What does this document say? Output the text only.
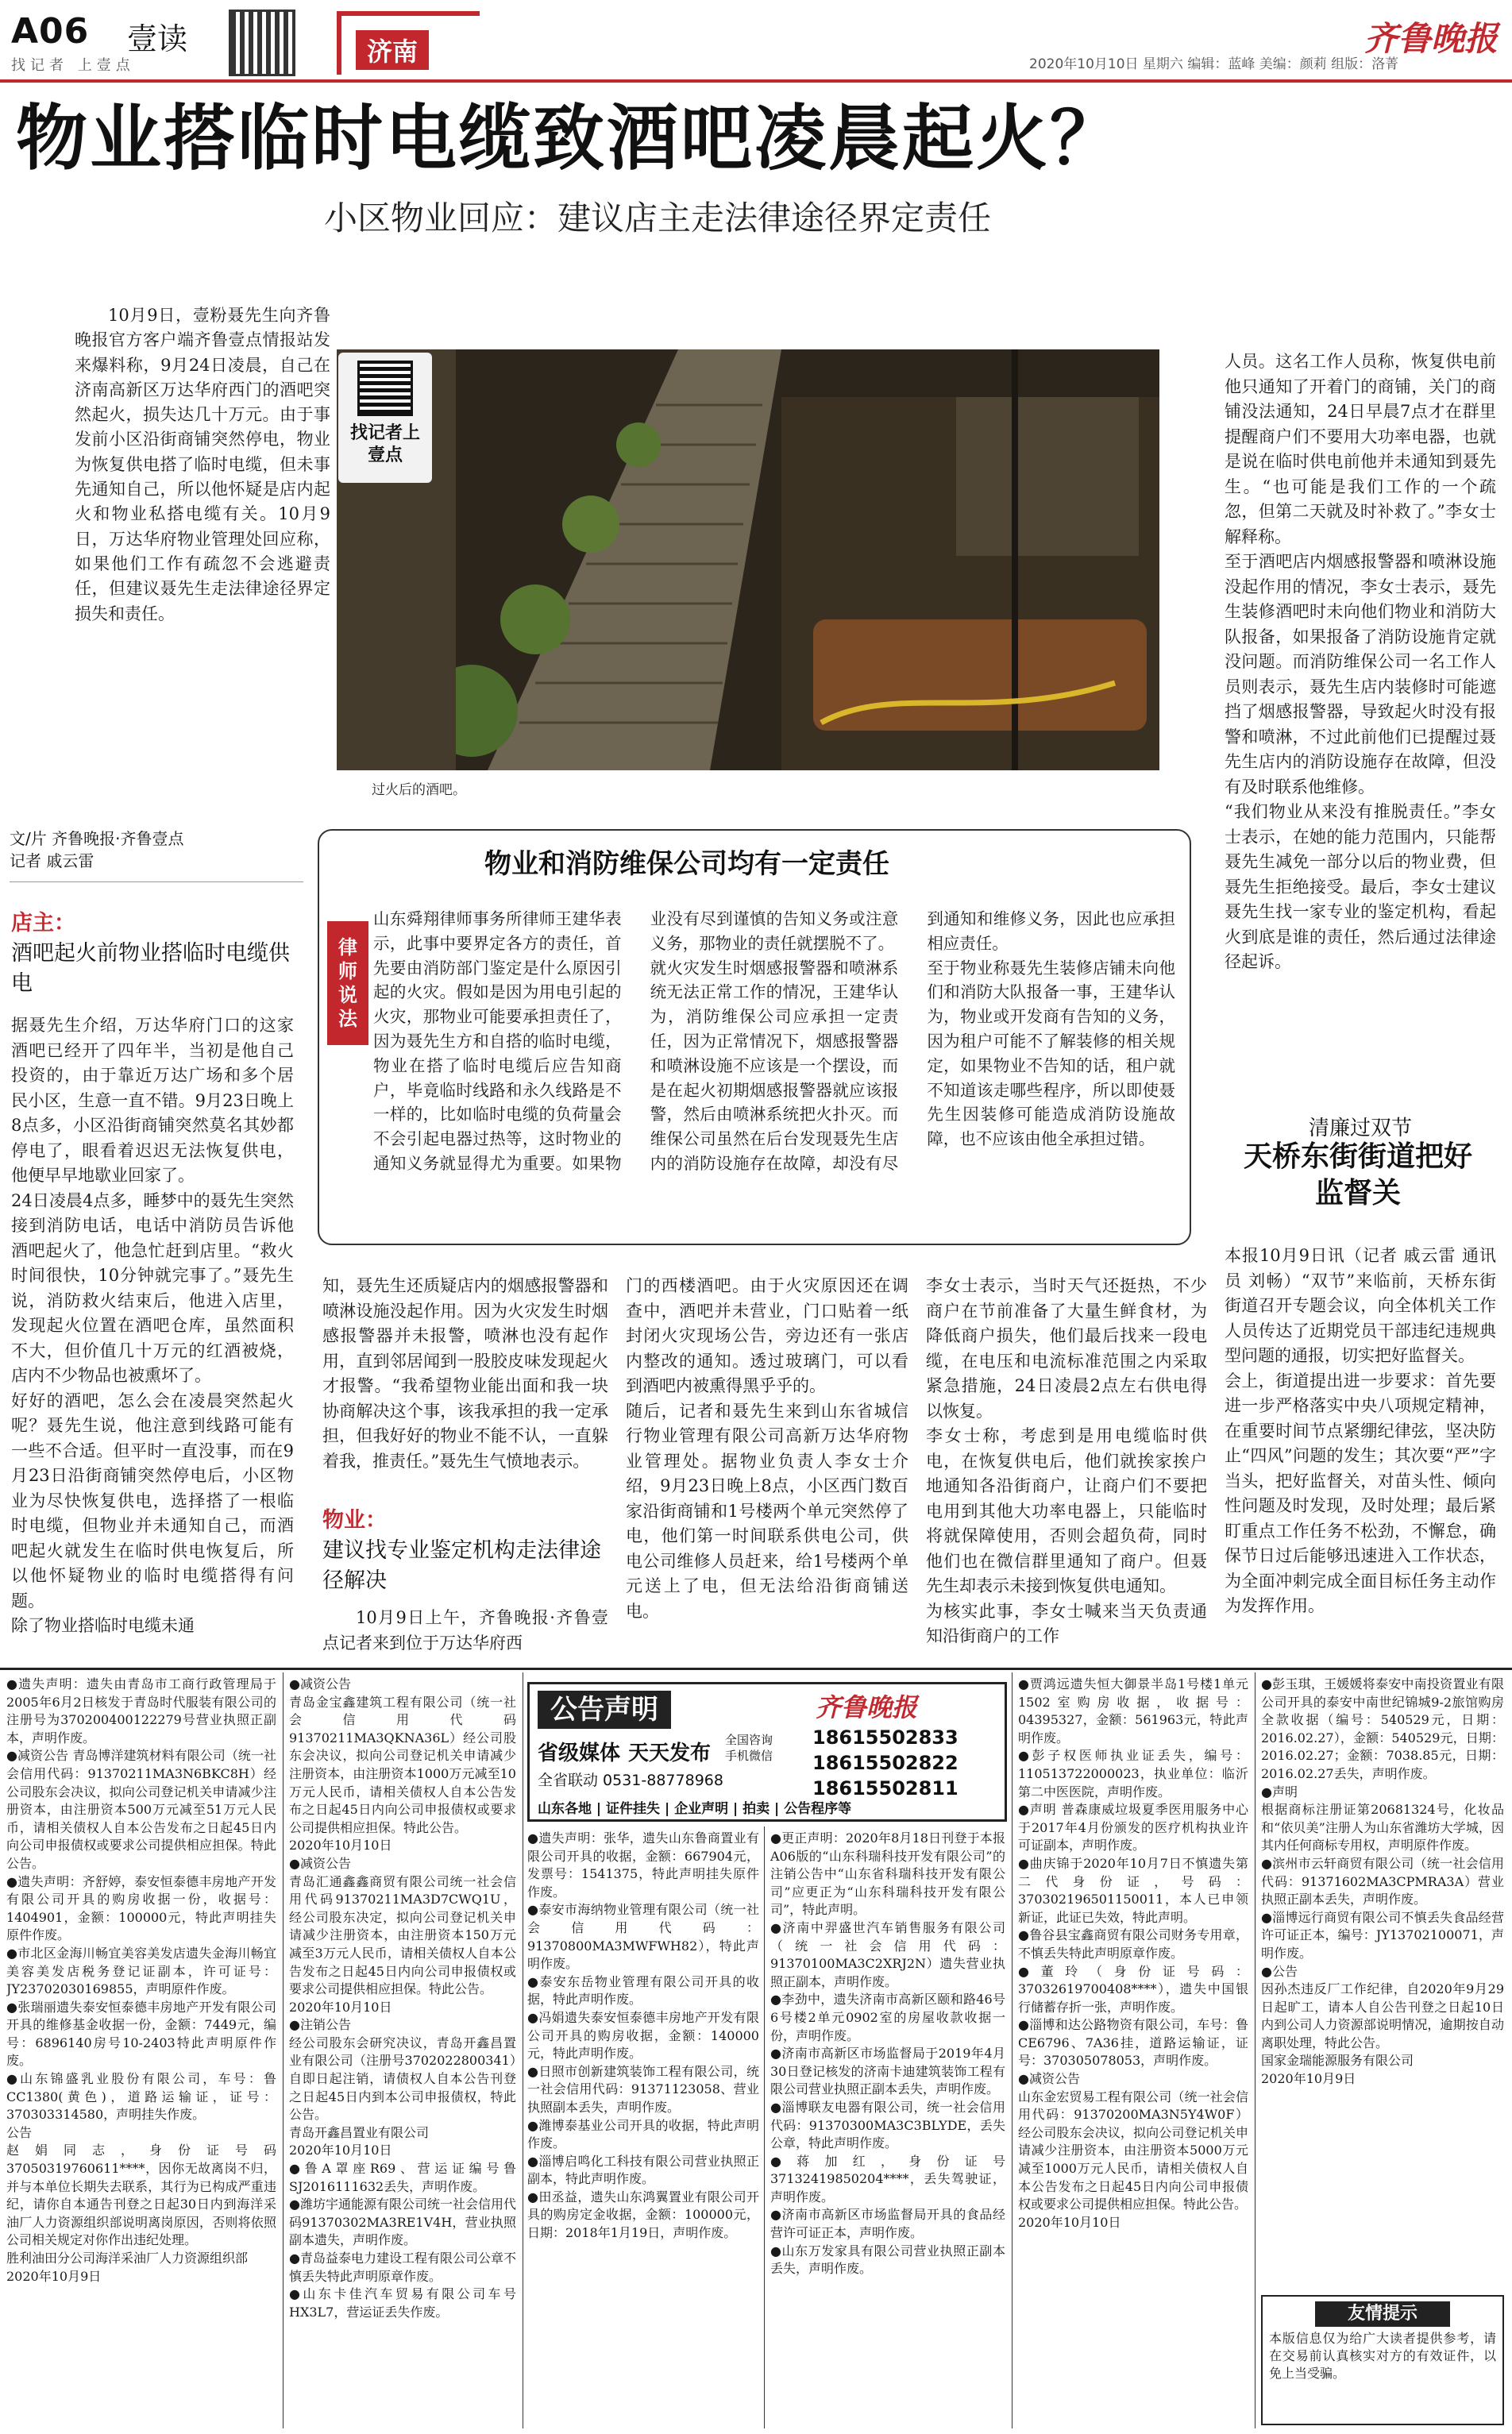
A06 壹读
找记者 上壹点	济南	齐鲁晚报
2020年10月10日 星期六 编辑：蓝峰 美编：颜莉 组版：洛菁
物业搭临时电缆致酒吧凌晨起火？
小区物业回应：建议店主走法律途径界定责任
10月9日，壹粉聂先生向齐鲁晚报官方客户端齐鲁壹点情报站发来爆料称，9月24日凌晨，自己在济南高新区万达华府西门的酒吧突然起火，损失达几十万元。由于事发前小区沿街商铺突然停电，物业为恢复供电搭了临时电缆，但未事先通知自己，所以他怀疑是店内起火和物业私搭电缆有关。10月9日，万达华府物业管理处回应称，如果他们工作有疏忽不会逃避责任，但建议聂先生走法律途径界定损失和责任。
找记者上壹点
过火后的酒吧。
人员。这名工作人员称，恢复供电前他只通知了开着门的商铺，关门的商铺没法通知，24日早晨7点才在群里提醒商户们不要用大功率电器，也就是说在临时供电前他并未通知到聂先生。“也可能是我们工作的一个疏忽，但第二天就及时补救了。”李女士解释称。
至于酒吧店内烟感报警器和喷淋设施没起作用的情况，李女士表示，聂先生装修酒吧时未向他们物业和消防大队报备，如果报备了消防设施肯定就没问题。而消防维保公司一名工作人员则表示，聂先生店内装修时可能遮挡了烟感报警器，导致起火时没有报警和喷淋，不过此前他们已提醒过聂先生店内的消防设施存在故障，但没有及时联系他维修。
“我们物业从来没有推脱责任。”李女士表示，在她的能力范围内，只能帮聂先生减免一部分以后的物业费，但聂先生拒绝接受。最后，李女士建议聂先生找一家专业的鉴定机构，看起火到底是谁的责任，然后通过法律途径起诉。
文/片 齐鲁晚报·齐鲁壹点
记者 戚云雷
店主：
酒吧起火前物业搭临时电缆供电
据聂先生介绍，万达华府门口的这家酒吧已经开了四年半，当初是他自己投资的，由于靠近万达广场和多个居民小区，生意一直不错。9月23日晚上8点多，小区沿街商铺突然莫名其妙都停电了，眼看着迟迟无法恢复供电，他便早早地歇业回家了。
24日凌晨4点多，睡梦中的聂先生突然接到消防电话，电话中消防员告诉他酒吧起火了，他急忙赶到店里。“救火时间很快，10分钟就完事了。”聂先生说，消防救火结束后，他进入店里，发现起火位置在酒吧仓库，虽然面积不大，但价值几十万元的红酒被烧，店内不少物品也被熏坏了。
好好的酒吧，怎么会在凌晨突然起火呢？聂先生说，他注意到线路可能有一些不合适。但平时一直没事，而在9月23日沿街商铺突然停电后，小区物业为尽快恢复供电，选择搭了一根临时电缆，但物业并未通知自己，而酒吧起火就发生在临时供电恢复后，所以他怀疑物业的临时电缆搭得有问题。
除了物业搭临时电缆未通
律师说法
物业和消防维保公司均有一定责任
山东舜翔律师事务所律师王建华表示，此事中要界定各方的责任，首先要由消防部门鉴定是什么原因引起的火灾。假如是因为用电引起的火灾，那物业可能要承担责任了，因为聂先生方和自搭的临时电缆，物业在搭了临时电缆后应告知商户，毕竟临时线路和永久线路是不一样的，比如临时电缆的负荷量会不会引起电器过热等，这时物业的通知义务就显得尤为重要。如果物业没有尽到谨慎的告知义务或注意义务，那物业的责任就摆脱不了。
就火灾发生时烟感报警器和喷淋系统无法正常工作的情况，王建华认为，消防维保公司应承担一定责任，因为正常情况下，烟感报警器和喷淋设施不应该是一个摆设，而是在起火初期烟感报警器就应该报警，然后由喷淋系统把火扑灭。而维保公司虽然在后台发现聂先生店内的消防设施存在故障，却没有尽到通知和维修义务，因此也应承担相应责任。
至于物业称聂先生装修店铺未向他们和消防大队报备一事，王建华认为，物业或开发商有告知的义务，因为租户可能不了解装修的相关规定，如果物业不告知的话，租户就不知道该走哪些程序，所以即使聂先生因装修可能造成消防设施故障，也不应该由他全承担过错。	清廉过双节
天桥东街街道把好监督关
本报10月9日讯（记者 戚云雷 通讯员 刘畅）“双节”来临前，天桥东街街道召开专题会议，向全体机关工作人员传达了近期党员干部违纪违规典型问题的通报，切实把好监督关。
会上，街道提出进一步要求：首先要进一步严格落实中央八项规定精神，在重要时间节点紧绷纪律弦，坚决防止“四风”问题的发生；其次要“严”字当头，把好监督关，对苗头性、倾向性问题及时发现，及时处理；最后紧盯重点工作任务不松劲，不懈怠，确保节日过后能够迅速进入工作状态，为全面冲刺完成全面目标任务主动作为发挥作用。
知，聂先生还质疑店内的烟感报警器和喷淋设施没起作用。因为火灾发生时烟感报警器并未报警，喷淋也没有起作用，直到邻居闻到一股胶皮味发现起火才报警。“我希望物业能出面和我一块协商解决这个事，该我承担的我一定承担，但我好好的物业不能不认，一直躲着我，推责任。”聂先生气愤地表示。
物业：
建议找专业鉴定机构走法律途径解决
10月9日上午，齐鲁晚报·齐鲁壹点记者来到位于万达华府西
门的西楼酒吧。由于火灾原因还在调查中，酒吧并未营业，门口贴着一纸封闭火灾现场公告，旁边还有一张店内整改的通知。透过玻璃门，可以看到酒吧内被熏得黑乎乎的。
随后，记者和聂先生来到山东省城信行物业管理有限公司高新万达华府物业管理处。据物业负责人李女士介绍，9月23日晚上8点，小区西门数百家沿街商铺和1号楼两个单元突然停了电，他们第一时间联系供电公司，供电公司维修人员赶来，给1号楼两个单元送上了电，但无法给沿街商铺送电。
李女士表示，当时天气还挺热，不少商户在节前准备了大量生鲜食材，为降低商户损失，他们最后找来一段电缆，在电压和电流标准范围之内采取紧急措施，24日凌晨2点左右供电得以恢复。
李女士称，考虑到是用电缆临时供电，在恢复供电后，他们就挨家挨户地通知各沿街商户，让商户们不要把电用到其他大功率电器上，只能临时将就保障使用，否则会超负荷，同时他们也在微信群里通知了商户。但聂先生却表示未接到恢复供电通知。
为核实此事，李女士喊来当天负责通知沿街商户的工作
●遗失声明：遗失由青岛市工商行政管理局于2005年6月2日核发于青岛时代服装有限公司的注册号为370200400122279号营业执照正副本，声明作废。
●减资公告 青岛博洋建筑材料有限公司（统一社会信用代码：91370211MA3N6BKC8H）经公司股东会决议，拟向公司登记机关申请减少注册资本，由注册资本500万元减至51万元人民币，请相关债权人自本公告发布之日起45日内向公司申报债权或要求公司提供相应担保。特此公告。
●遗失声明：齐舒婷，泰安恒泰德丰房地产开发有限公司开具的购房收据一份，收据号：1404901，金额：100000元，特此声明挂失原件作废。
●市北区金海川畅宜美容美发店遗失金海川畅宜美容美发店税务登记证副本，许可证号：JY23702030169855，声明原件作废。
●张瑞丽遗失泰安恒泰德丰房地产开发有限公司开具的维修基金收据一份，金额：7449元，编号：6896140房号10-2403特此声明原件作废。
●山东锦盛乳业股份有限公司，车号：鲁CC1380(黄色)，道路运输证，证号：370303314580，声明挂失作废。
公告
赵娟同志，身份证号码37050319760611****，因你无故离岗不归，并与本单位长期失去联系，其行为已构成严重违纪，请你自本通告刊登之日起30日内到海洋采油厂人力资源组织部说明离岗原因，否则将依照公司相关规定对你作出违纪处理。
胜利油田分公司海洋采油厂人力资源组织部
2020年10月9日
●减资公告
青岛金宝鑫建筑工程有限公司（统一社会信用代码91370211MA3QKNA36L）经公司股东会决议，拟向公司登记机关申请减少注册资本，由注册资本1000万元减至10万元人民币，请相关债权人自本公告发布之日起45日内向公司申报债权或要求公司提供相应担保。特此公告。
2020年10月10日
●减资公告
青岛汇通鑫鑫商贸有限公司统一社会信用代码91370211MA3D7CWQ1U，经公司股东决定，拟向公司登记机关申请减少注册资本，由注册资本150万元减至3万元人民币，请相关债权人自本公告发布之日起45日内向公司申报债权或要求公司提供相应担保。特此公告。
2020年10月10日
●注销公告
经公司股东会研究决议，青岛开鑫昌置业有限公司（注册号3702022800341）自即日起注销，请债权人自本公告刊登之日起45日内到本公司申报债权，特此公告。
青岛开鑫昌置业有限公司
2020年10月10日
●鲁A罩座R69、营运证编号鲁SJ2016111632丢失，声明作废。
●潍坊宇通能源有限公司统一社会信用代码91370302MA3RE1V4H，营业执照副本遗失，声明作废。
●青岛益泰电力建设工程有限公司公章不慎丢失特此声明原章作废。
●山东卡佳汽车贸易有限公司车号HX3L7，营运证丢失作废。
公告声明	齐鲁晚报
省级媒体 天天发布
全国咨询 手机微信
18615502833
18615502822
18615502811
全省联动 0531-88778968
山东各地 | 证件挂失 | 企业声明 | 拍卖 | 公告程序等
●遗失声明：张华，遗失山东鲁商置业有限公司开具的收据，金额：667904元，发票号：1541375，特此声明挂失原件作废。
●泰安市海纳物业管理有限公司（统一社会信用代码：91370800MA3MWFWH82），特此声明作废。
●泰安东岳物业管理有限公司开具的收据，特此声明作废。
●冯娟遗失泰安恒泰德丰房地产开发有限公司开具的购房收据，金额：140000元，特此声明作废。
●日照市创新建筑装饰工程有限公司，统一社会信用代码：91371123058、营业执照副本丢失，声明作废。
●潍博泰基业公司开具的收据，特此声明作废。
●淄博启鸣化工科技有限公司营业执照正副本，特此声明作废。
●田丞益，遗失山东鸿翼置业有限公司开具的购房定金收据，金额：100000元，日期：2018年1月19日，声明作废。
●更正声明：2020年8月18日刊登于本报A06版的“山东科瑞科技开发有限公司”的注销公告中“山东省科瑞科技开发有限公司”应更正为“山东科瑞科技开发有限公司”，特此声明。
●济南中羿盛世汽车销售服务有限公司（统一社会信用代码：91370100MA3C2XRJ2N）遗失营业执照正副本，声明作废。
●李劲中，遗失济南市高新区颐和路46号6号楼2单元0902室的房屋收款收据一份，声明作废。
●济南市高新区市场监督局于2019年4月30日登记核发的济南卡迪建筑装饰工程有限公司营业执照正副本丢失，声明作废。
●淄博联友电器有限公司，统一社会信用代码：91370300MA3C3BLYDE，丢失公章，特此声明作废。
●蒋加红，身份证号37132419850204****，丢失驾驶证，声明作废。
●济南市高新区市场监督局开具的食品经营许可证正本，声明作废。
●山东万发家具有限公司营业执照正副本丢失，声明作废。
●贾鸿远遗失恒大御景半岛1号楼1单元1502室购房收据，收据号：04395327，金额：561963元，特此声明作废。
●彭子权医师执业证丢失，编号：110513722000023，执业单位：临沂第二中医医院，声明作废。
●声明 普森康威垃圾夏季医用服务中心于2017年4月份颁发的医疗机构执业许可证副本，声明作废。
●曲庆锦于2020年10月7日不慎遗失第二代身份证，号码：370302196501150011，本人已申领新证，此证已失效，特此声明。
●鲁谷县宝鑫商贸有限公司财务专用章，不慎丢失特此声明原章作废。
●董玲（身份证号码：37032619700408****），遗失中国银行储蓄存折一张，声明作废。
●淄博和达公路物资有限公司，车号：鲁CE6796、7A36挂，道路运输证，证号：370305078053，声明作废。
●减资公告
山东金宏贸易工程有限公司（统一社会信用代码：91370200MA3N5Y4W0F）经公司股东会决议，拟向公司登记机关申请减少注册资本，由注册资本5000万元减至1000万元人民币，请相关债权人自本公告发布之日起45日内向公司申报债权或要求公司提供相应担保。特此公告。
2020年10月10日
●彭玉琪，王媛媛将泰安中南投资置业有限公司开具的泰安中南世纪锦城9-2旅馆购房全款收据（编号：540529元，日期：2016.02.27），金额：540529元，日期：2016.02.27；金额：7038.85元，日期：2016.02.27丢失，声明作废。
●声明
根据商标注册证第20681324号，化妆品和“依贝美”注册人为山东省潍坊大学城，因其内任何商标专用权，声明原件作废。
●滨州市云轩商贸有限公司（统一社会信用代码：91371602MA3CPMRA3A）营业执照正副本丢失，声明作废。
●淄博远行商贸有限公司不慎丢失食品经营许可证正本，编号：JY13702100071，声明作废。
●公告
因孙杰违反厂工作纪律，自2020年9月29日起旷工，请本人自公告刊登之日起10日内到公司人力资源部说明情况，逾期按自动离职处理，特此公告。
国家金瑞能源服务有限公司
2020年10月9日
友情提示
本版信息仅为给广大读者提供参考，请在交易前认真核实对方的有效证件，以免上当受骗。
